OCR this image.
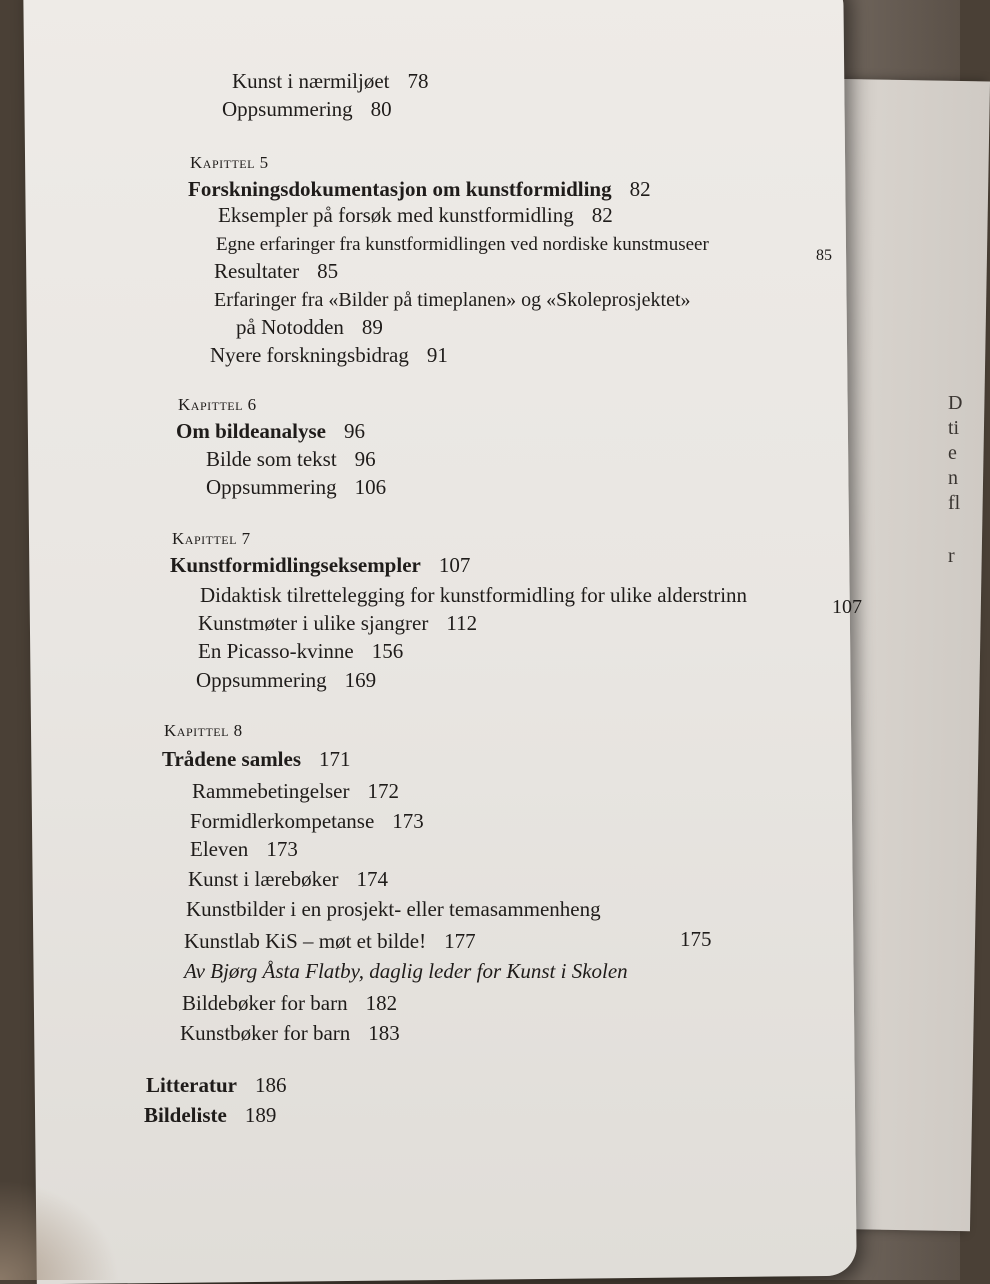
D
ti
e
n
fl
r
Kunst i nærmiljøet 78
Oppsummering 80
Kapittel 5
Forskningsdokumentasjon om kunstformidling 82
Eksempler på forsøk med kunstformidling 82
Egne erfaringer fra kunstformidlingen ved nordiske kunstmuseer
85
Resultater 85
Erfaringer fra «Bilder på timeplanen» og «Skoleprosjektet»
på Notodden 89
Nyere forskningsbidrag 91
Kapittel 6
Om bildeanalyse 96
Bilde som tekst 96
Oppsummering 106
Kapittel 7
Kunstformidlingseksempler 107
Didaktisk tilrettelegging for kunstformidling for ulike alderstrinn	107
Kunstmøter i ulike sjangrer 112
En Picasso-kvinne 156
Oppsummering 169
Kapittel 8
Trådene samles 171
Rammebetingelser 172
Formidlerkompetanse 173
Eleven 173
Kunst i lærebøker 174
Kunstbilder i en prosjekt- eller temasammenheng
175
Kunstlab KiS – møt et bilde! 177
Av Bjørg Åsta Flatby, daglig leder for Kunst i Skolen
Bildebøker for barn 182
Kunstbøker for barn 183
Litteratur 186
Bildeliste 189
